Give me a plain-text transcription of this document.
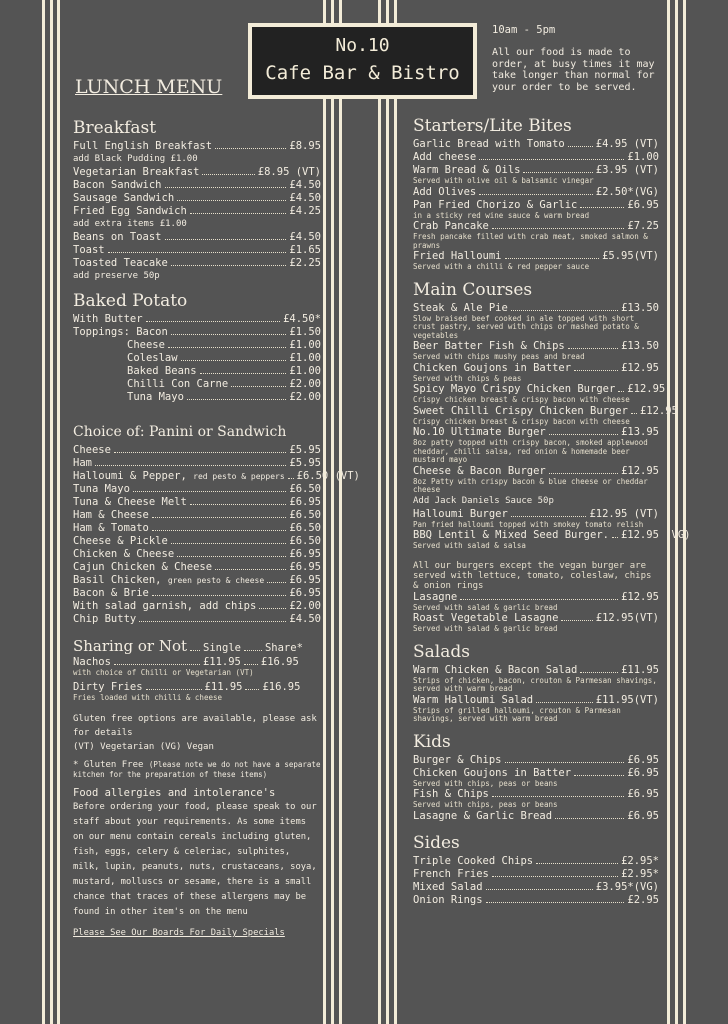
No.10
Cafe Bar & Bistro
LUNCH MENU
10am - 5pm
All our food is made to order, at busy times it may take longer than normal for your order to be served.
Breakfast
Full English Breakfast	£8.95
add Black Pudding £1.00
Vegetarian Breakfast	£8.95 (VT)
Bacon Sandwich	£4.50
Sausage Sandwich	£4.50
Fried Egg Sandwich	£4.25
add extra items £1.00
Beans on Toast	£4.50
Toast	£1.65
Toasted Teacake	£2.25
add preserve 50p
Baked Potato
With Butter	£4.50*
Toppings: Bacon	£1.50
Cheese	£1.00
Coleslaw	£1.00
Baked Beans	£1.00
Chilli Con Carne	£2.00
Tuna Mayo	£2.00
Choice of: Panini or Sandwich
Cheese	£5.95
Ham	£5.95
Halloumi & Pepper, red pesto & peppers £6.50 (VT)
Tuna Mayo	£6.50
Tuna & Cheese Melt	£6.95
Ham & Cheese	£6.50
Ham & Tomato	£6.50
Cheese & Pickle	£6.50
Chicken & Cheese	£6.95
Cajun Chicken & Cheese	£6.95
Basil Chicken, green pesto & cheese £6.95
Bacon & Brie	£6.95
With salad garnish, add chips	£2.00
Chip Butty	£4.50
Sharing or Not Single Share*
Nachos	£11.95 £16.95
with choice of Chilli or Vegetarian (VT)
Dirty Fries	£11.95 £16.95
Fries loaded with chilli & cheese
Gluten free options are available, please ask for details
(VT) Vegetarian (VG) Vegan
* Gluten Free (Please note we do not have a separate kitchen for the preparation of these items)
Food allergies and intolerance's
Before ordering your food, please speak to our staff about your requirements. As some items on our menu contain cereals including gluten, fish, eggs, celery & celeriac, sulphites, milk, lupin, peanuts, nuts, crustaceans, soya, mustard, molluscs or sesame, there is a small chance that traces of these allergens may be found in other item's on the menu
Please See Our Boards For Daily Specials
Starters/Lite Bites
Garlic Bread with Tomato	£4.95 (VT)
Add cheese	£1.00
Warm Bread & Oils	£3.95 (VT)
Served with olive oil & balsamic vinegar
Add Olives	£2.50*(VG)
Pan Fried Chorizo & Garlic	£6.95
in a sticky red wine sauce & warm bread
Crab Pancake	£7.25
Fresh pancake filled with crab meat, smoked salmon & prawns
Fried Halloumi	£5.95(VT)
Served with a chilli & red pepper sauce
Main Courses
Steak & Ale Pie	£13.50
Slow braised beef cooked in ale topped with short crust pastry, served with chips or mashed potato & vegetables
Beer Batter Fish & Chips	£13.50
Served with chips mushy peas and bread
Chicken Goujons in Batter	£12.95
Served with chips & peas
Spicy Mayo Crispy Chicken Burger £12.95
Crispy chicken breast & crispy bacon with cheese
Sweet Chilli Crispy Chicken Burger £12.95
Crispy chicken breast & crispy bacon with cheese
No.10 Ultimate Burger	£13.95
8oz patty topped with crispy bacon, smoked applewood cheddar, chilli salsa, red onion & homemade beer mustard mayo
Cheese & Bacon Burger	£12.95
8oz Patty with crispy bacon & blue cheese or cheddar cheese
Add Jack Daniels Sauce 50p
Halloumi Burger	£12.95 (VT)
Pan fried halloumi topped with smokey tomato relish
BBQ Lentil & Mixed Seed Burger. £12.95 (VG)
Served with salad & salsa
All our burgers except the vegan burger are served with lettuce, tomato, coleslaw, chips & onion rings
Lasagne	£12.95
Served with salad & garlic bread
Roast Vegetable Lasagne	£12.95(VT)
Served with salad & garlic bread
Salads
Warm Chicken & Bacon Salad	£11.95
Strips of chicken, bacon, crouton & Parmesan shavings, served with warm bread
Warm Halloumi Salad	£11.95(VT)
Strips of grilled halloumi, crouton & Parmesan shavings, served with warm bread
Kids
Burger & Chips	£6.95
Chicken Goujons in Batter	£6.95
Served with chips, peas or beans
Fish & Chips	£6.95
Served with chips, peas or beans
Lasagne & Garlic Bread	£6.95
Sides
Triple Cooked Chips	£2.95*
French Fries	£2.95*
Mixed Salad	£3.95*(VG)
Onion Rings	£2.95
